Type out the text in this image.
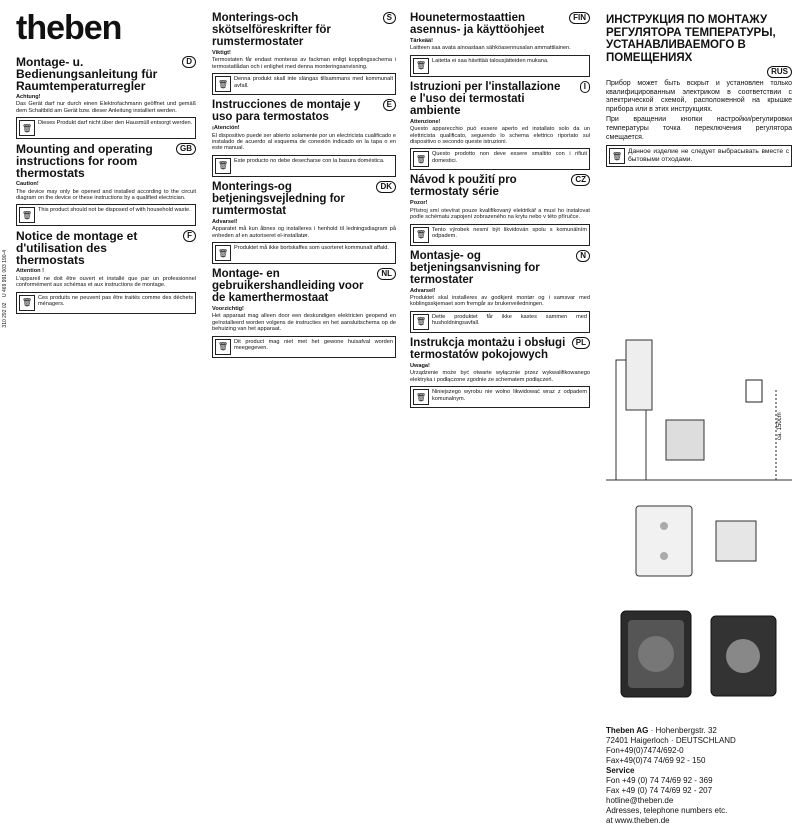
310 292 02    U 469 991 003 190-4
theben
Montage- u. Bedienungsanleitung für Raumtemperaturregler
D
Achtung!
Das Gerät darf nur durch einen Elektrofachmann geöffnet und gemäß dem Schaltbild am Gerät bzw. dieser Anleitung installiert werden.
🗑
Dieses Produkt darf nicht über den Hausmüll entsorgt werden.
Mounting and operating instructions for room thermostats
GB
Caution!
The device may only be opened and installed according to the circuit diagram on the device or these instructions by a qualified electrician.
🗑
This product should not be disposed of with household waste.
Notice de montage et d'utilisation des thermostats
F
Attention !
L'appareil ne doit être ouvert et installé que par un professionnel conformément aux schémas et aux instructions de montage.
🗑
Ces produits ne peuvent pas être traités comme des déchets ménagers.
Monterings-och skötselföreskrifter för rumstermostater
S
Viktigt!
Termostaten får endast monteras av fackman enligt kopplingsschema i termostatlådan och i enlighet med denna monteringsanvisning.
🗑
Denna produkt skall inte slängas tillsammans med kommunalt avfall.
Instrucciones de montaje y uso para termostatos
E
¡Atención!
El dispositivo puede ser abierto solamente por un electricista cualificado e instalado de acuerdo al esquema de conexión indicado en la tapa o en este manual.
🗑
Este producto no debe desecharse con la basura doméstica.
Monterings-og betjeningsvejledning for rumtermostat
DK
Advarsel!
Apparatet må kun åbnes og installeres i henhold til ledningsdiagram på enheden af en autoriseret el-installatør.
🗑
Produktet må ikke bortskaffes som usorteret kommunalt affald.
Montage- en gebruikershandleiding voor de kamerthermostaat
NL
Voorzichtig!
Het apparaat mag alleen door een deskundigen elektricien geopend en geïnstalleerd worden volgens de instructies en het aansluitschema op de behuizing van het apparaat.
🗑
Dit product mag niet met het gewone huisafval worden meegegeven.
Hounetermostaattien asennus- ja käyttöohjeet
FIN
Tärkeää!
Laitteen saa avata ainoastaan sähköasennusalan ammattilainen.
🗑
Laitetta ei saa hävittää talousjätteiden mukana.
Istruzioni per l'installazione e l'uso dei termostati ambiente
I
Attenzione!
Questo apparecchio può essere aperto ed installato solo da un elettricista qualificato, seguendo lo schema elettrico riportato sul dispositivo o secondo queste istruzioni.
🗑
Questo prodotto non deve essere smaltito con i rifiuti domestici.
Návod k použití pro termostaty série
CZ
Pozor!
Přístroj smí otevírat pouze kvalifikovaný elektrikář a musí ho instalovat podle schématu zapojení zobrazeného na krytu nebo v této příručce.
🗑
Tento výrobek nesmí být likvidován spolu s komunálním odpadem.
Montasje- og betjeningsanvisning for termostater
N
Advarsel!
Produktet skal installeres av godkjent montør og i samsvar med koblingsskjemaet som fremgår av brukerveiledningen.
🗑
Dette produktet får ikke kastes sammen med husholdningsavfall.
Instrukcja montażu i obsługi termostatów pokojowych
PL
Uwaga!
Urządzenie może być otwarte wyłącznie przez wykwalifikowanego elektryka i podłączone zgodnie ze schematem podłączeń.
🗑
Niniejszego wyrobu nie wolno likwidować wraz z odpadem komunalnym.
ИНСТРУКЦИЯ ПО МОНТАЖУ РЕГУЛЯТОРА ТЕМПЕРАТУРЫ, УСТАНАВЛИВАЕМОГО В ПОМЕЩЕНИЯХ
RUS
Прибор может быть вскрыт и установлен только квалифицированным электриком в соответствии с электрической схемой, расположенной на крышке прибора или в этих инструкциях.
При вращении кнопки настройки/регулировки температуры точка переключения регулятора смещается.
🗑 Данное изделие не следует выбрасывать вместе с бытовыми отходами.
ca. 150cm
Theben AG · Hohenbergstr. 32
72401 Haigerloch · DEUTSCHLAND
Fon+49(0)7474/692-0
Fax+49(0)74 74/69 92 - 150
Service
Fon +49 (0) 74 74/69 92 - 369
Fax +49 (0) 74 74/69 92 - 207
hotline@theben.de
Adresses, telephone numbers etc.
at www.theben.de
